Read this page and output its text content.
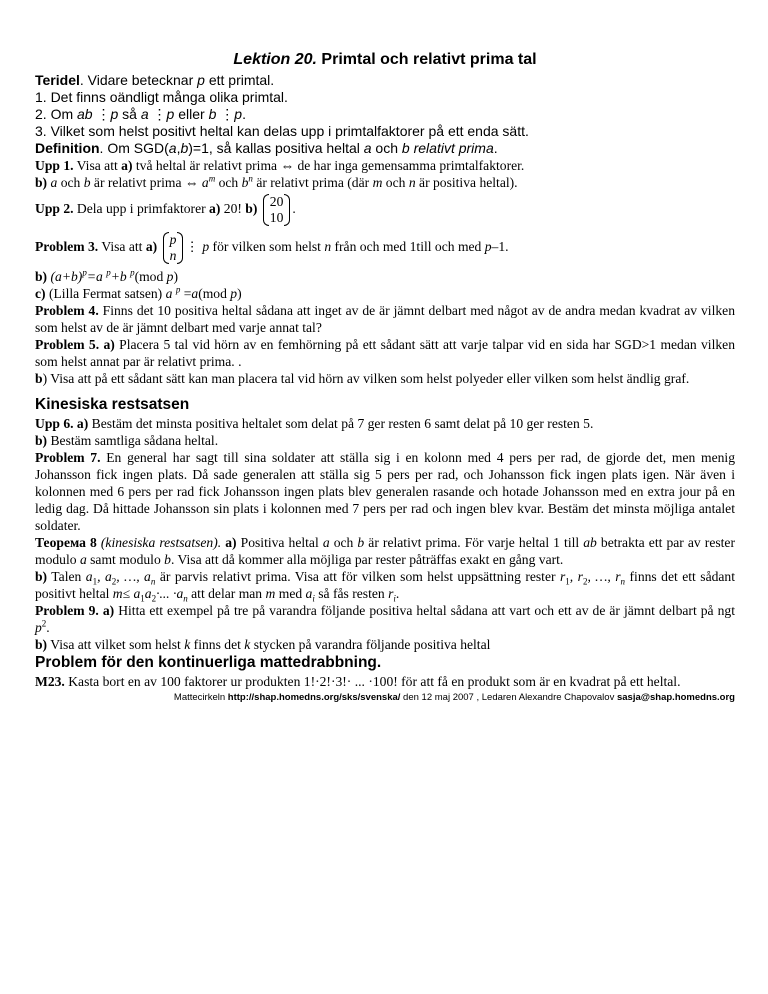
Lektion 20. Primtal och relativt prima tal

Teridel. Vidare betecknar p ett primtal.

1. Det finns oändligt många olika primtal.

2. Om ab ⋮p så a ⋮p eller b ⋮p.

3. Vilket som helst positivt heltal kan delas upp i primtalfaktorer på ett enda sätt.

Definition. Om SGD(a,b)=1, så kallas positiva heltal a och b relativt prima.

Upp 1. Visa att a) två heltal är relativt prima ⇔ de har inga gemensamma primtalfaktorer.

b) a och b är relativt prima ⇔ $a^m$ och $b^n$ är relativt prima (där m och n är positiva heltal).

Upp 2. Dela upp i primfaktorer a) 20! b) 20
10
.

Problem 3. Visa att a) p
n
⋮ p för vilken som helst n från och med 1till och med p–1.

b) $(a+b)^p=a$ $^p$+b $^p$(mod p)

c) (Lilla Fermat satsen) a $^p$ =a(mod p)

Problem 4. Finns det 10 positiva heltal sådana att inget av de är jämnt delbart med något av de andra medan kvadrat av vilken som helst av de är jämnt delbart med varje annat tal?

Problem 5. a) Placera 5 tal vid hörn av en femhörning på ett sådant sätt att varje talpar vid en sida har SGD>1 medan vilken som helst annat par är relativt prima. .

b) Visa att på ett sådant sätt kan man placera tal vid hörn av vilken som helst polyeder eller vilken som helst ändlig graf.

Kinesiska restsatsen

Upp 6. a) Bestäm det minsta positiva heltalet som delat på 7 ger resten 6 samt delat på 10 ger resten 5.

b) Bestäm samtliga sådana heltal.

Problem 7. En general har sagt till sina soldater att ställa sig i en kolonn med 4 pers per rad, de gjorde det, men menig Johansson fick ingen plats. Då sade generalen att ställa sig 5 pers per rad, och Johansson fick ingen plats igen. När även i kolonnen med 6 pers per rad fick Johansson ingen plats blev generalen rasande och hotade Johansson med en extra jour på en ledig dag. Då hittade Johansson sin plats i kolonnen med 7 pers per rad och ingen blev kvar. Bestäm det minsta möjliga antalet soldater.

Теорема 8 (kinesiska restsatsen). a) Positiva heltal a och b är relativt prima. För varje heltal 1 till ab betrakta ett par av rester modulo a samt modulo b. Visa att då kommer alla möjliga par rester påträffas exakt en gång vart.

b) Talen $a_1$, $a_2$, …, $a_n$ är parvis relativt prima. Visa att för vilken som helst uppsättning rester $r_1$, $r_2$, …, $r_n$ finns det ett sådant positivt heltal $m\le a_1a_2\cdot$... $\cdot a_n$ att delar man m med $a_i$ så fås resten $r_i$.

Problem 9. a) Hitta ett exempel på tre på varandra följande positiva heltal sådana att vart och ett av de är jämnt delbart på ngt $p^2$.

b) Visa att vilket som helst k finns det k stycken på varandra följande positiva heltal

Problem för den kontinuerliga mattedrabbning.

M23. Kasta bort en av 100 faktorer ur produkten 1!·2!·3!· ... ·100! för att få en produkt som är en kvadrat på ett heltal.

Mattecirkeln http://shap.homedns.org/sks/svenska/ den 12 maj 2007 , Ledaren Alexandre Chapovalov sasja@shap.homedns.org
